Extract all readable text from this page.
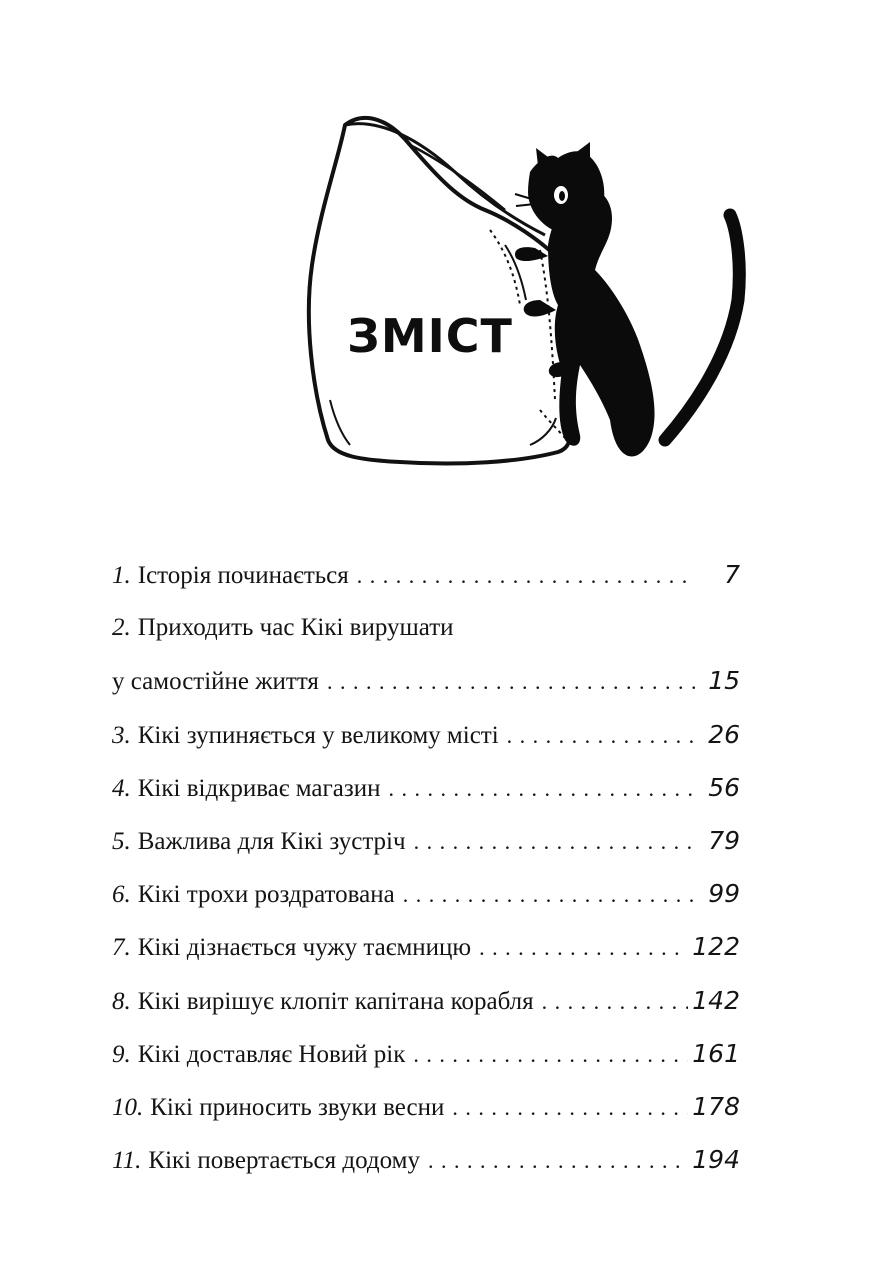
ЗМІСТ
1. Історія починається . . .	7
2. Приходить час Кікі вирушати
у самостійне життя . . .	15
3. Кікі зупиняється у великому місті . . .	26
4. Кікі відкриває магазин . . .	56
5. Важлива для Кікі зустріч . . .	79
6. Кікі трохи роздратована . . .	99
7. Кікі дізнається чужу таємницю . . .	122
8. Кікі вирішує клопіт капітана корабля . . .	142
9. Кікі доставляє Новий рік . . .	161
10. Кікі приносить звуки весни . . .	178
11. Кікі повертається додому . . .	194
